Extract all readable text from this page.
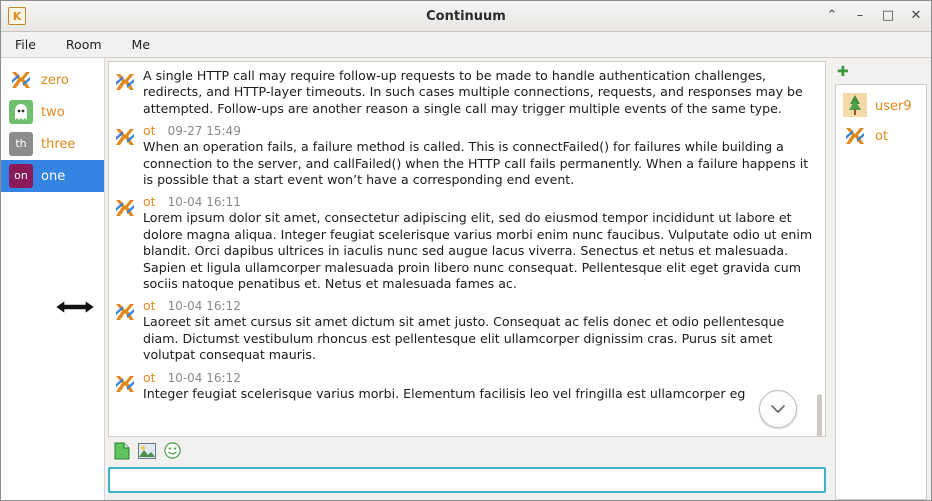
K	Continuum	⌃ – □ ✕
File Room Me
zero
two
th	three
on	one
A single HTTP call may require follow-up requests to be made to handle authentication challenges, redirects, and HTTP-layer timeouts. In such cases multiple connections, requests, and responses may be attempted. Follow-ups are another reason a single call may trigger multiple events of the same type.
ot 09-27 15:49
When an operation fails, a failure method is called. This is connectFailed() for failures while building a connection to the server, and callFailed() when the HTTP call fails permanently. When a failure happens it is possible that a start event won’t have a corresponding end event.
ot 10-04 16:11
Lorem ipsum dolor sit amet, consectetur adipiscing elit, sed do eiusmod tempor incididunt ut labore et dolore magna aliqua. Integer feugiat scelerisque varius morbi enim nunc faucibus. Vulputate odio ut enim blandit. Orci dapibus ultrices in iaculis nunc sed augue lacus viverra. Senectus et netus et malesuada. Sapien et ligula ullamcorper malesuada proin libero nunc consequat. Pellentesque elit eget gravida cum sociis natoque penatibus et. Netus et malesuada fames ac.
ot 10-04 16:12
Laoreet sit amet cursus sit amet dictum sit amet justo. Consequat ac felis donec et odio pellentesque diam. Dictumst vestibulum rhoncus est pellentesque elit ullamcorper dignissim cras. Purus sit amet volutpat consequat mauris.
ot 10-04 16:12
Integer feugiat scelerisque varius morbi. Elementum facilisis leo vel fringilla est ullamcorper eg
✚
user9
ot
